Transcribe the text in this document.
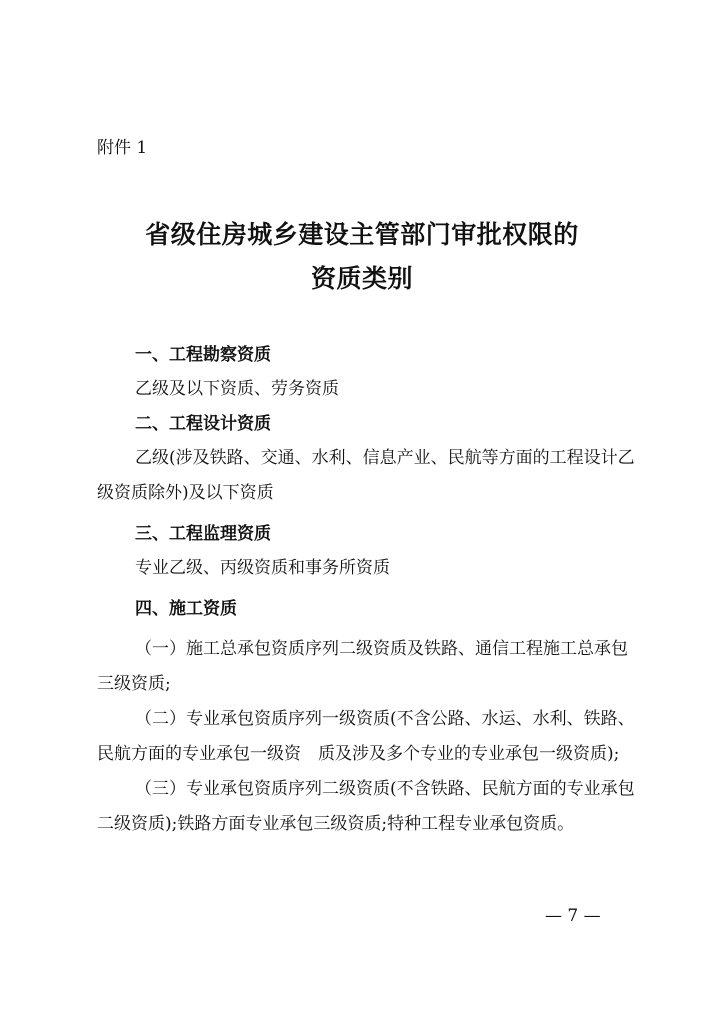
附件 1
省级住房城乡建设主管部门审批权限的
资质类别
一、工程勘察资质

乙级及以下资质、劳务资质

二、工程设计资质

乙级(涉及铁路、交通、水利、信息产业、民航等方面的工程设计乙级资质除外)及以下资质

三、工程监理资质

专业乙级、丙级资质和事务所资质

四、施工资质

（一）施工总承包资质序列二级资质及铁路、通信工程施工总承包三级资质;

（二）专业承包资质序列一级资质(不含公路、水运、水利、铁路、民航方面的专业承包一级资　质及涉及多个专业的专业承包一级资质);

（三）专业承包资质序列二级资质(不含铁路、民航方面的专业承包二级资质);铁路方面专业承包三级资质;特种工程专业承包资质。

— 7 —
